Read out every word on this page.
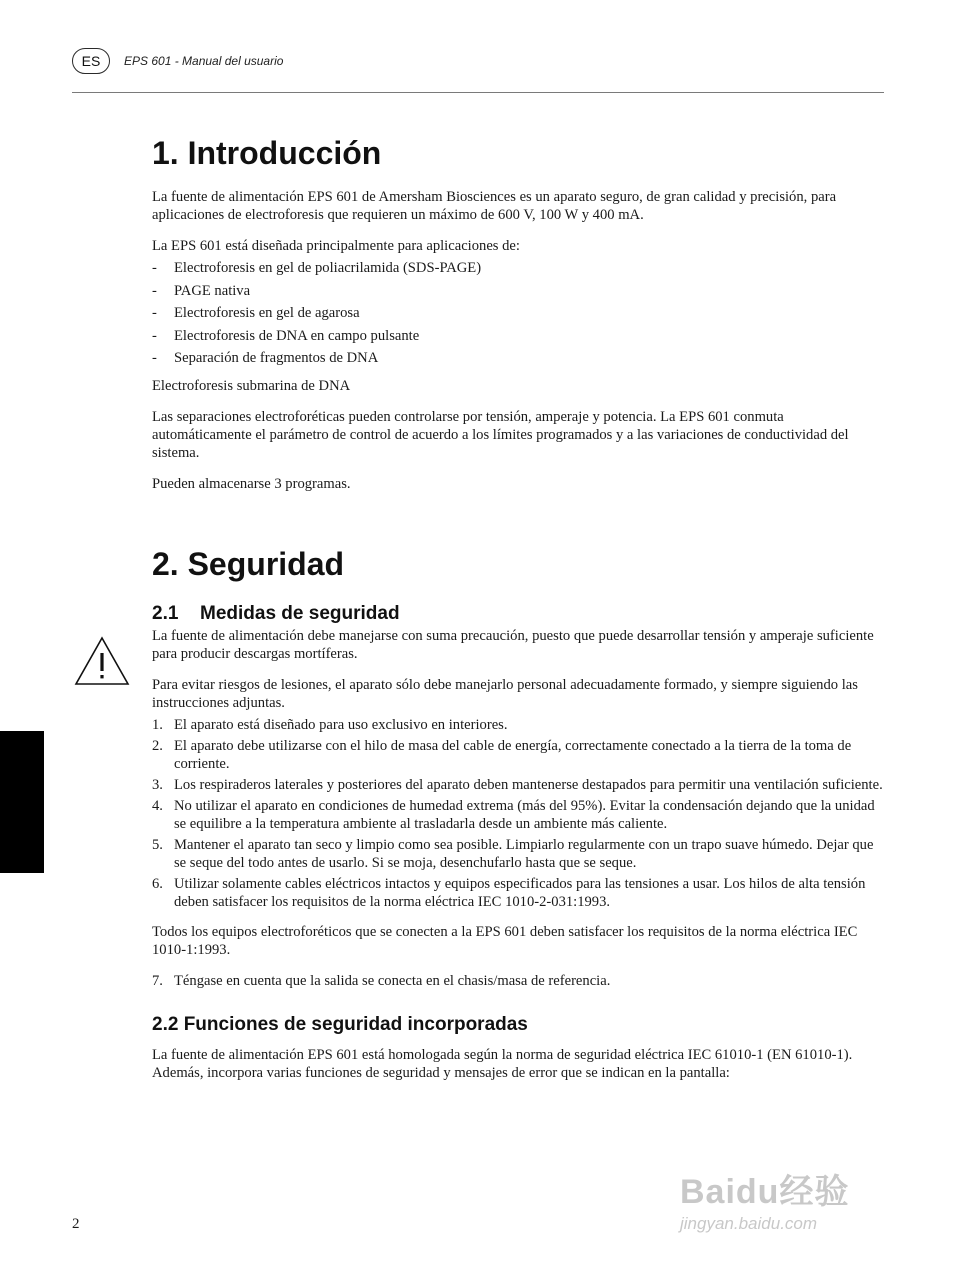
ES	EPS 601 - Manual del usuario
1. Introducción

La fuente de alimentación EPS 601 de Amersham Biosciences es un aparato seguro, de gran calidad y precisión, para aplicaciones de electroforesis que requieren un máximo de 600 V, 100 W y 400 mA.

La EPS 601 está diseñada principalmente para aplicaciones de:

- Electroforesis en gel de poliacrilamida (SDS-PAGE)
- PAGE nativa
- Electroforesis en gel de agarosa
- Electroforesis de DNA en campo pulsante
- Separación de fragmentos de DNA

Electroforesis submarina de DNA

Las separaciones electroforéticas pueden controlarse por tensión, amperaje y potencia. La EPS 601 conmuta automáticamente el parámetro de control de acuerdo a los límites programados y a las variaciones de conductividad del sistema.

Pueden almacenarse 3 programas.

2. Seguridad
2.1 Medidas de seguridad

La fuente de alimentación debe manejarse con suma precaución, puesto que puede desarrollar tensión y amperaje suficiente para producir descargas mortíferas.

Para evitar riesgos de lesiones, el aparato sólo debe manejarlo personal adecuadamente formado, y siempre siguiendo las instrucciones adjuntas.

1. El aparato está diseñado para uso exclusivo en interiores.
2. El aparato debe utilizarse con el hilo de masa del cable de energía, correctamente conectado a la tierra de la toma de corriente.
3. Los respiraderos laterales y posteriores del aparato deben mantenerse destapados para permitir una ventilación suficiente.
4. No utilizar el aparato en condiciones de humedad extrema (más del 95%). Evitar la condensación dejando que la unidad se equilibre a la temperatura ambiente al trasladarla desde un ambiente más caliente.
5. Mantener el aparato tan seco y limpio como sea posible. Limpiarlo regularmente con un trapo suave húmedo. Dejar que se seque del todo antes de usarlo. Si se moja, desenchufarlo hasta que se seque.
6. Utilizar solamente cables eléctricos intactos y equipos especificados para las tensiones a usar. Los hilos de alta tensión deben satisfacer los requisitos de la norma eléctrica IEC 1010-2-031:1993.

Todos los equipos electroforéticos que se conecten a la EPS 601 deben satisfacer los requisitos de la norma eléctrica IEC 1010-1:1993.

7. Téngase en cuenta que la salida se conecta en el chasis/masa de referencia.
2.2 Funciones de seguridad incorporadas

La fuente de alimentación EPS 601 está homologada según la norma de seguridad eléctrica IEC 61010-1 (EN 61010-1). Además, incorpora varias funciones de seguridad y mensajes de error que se indican en la pantalla:

2
Baidu经验
jingyan.baidu.com
